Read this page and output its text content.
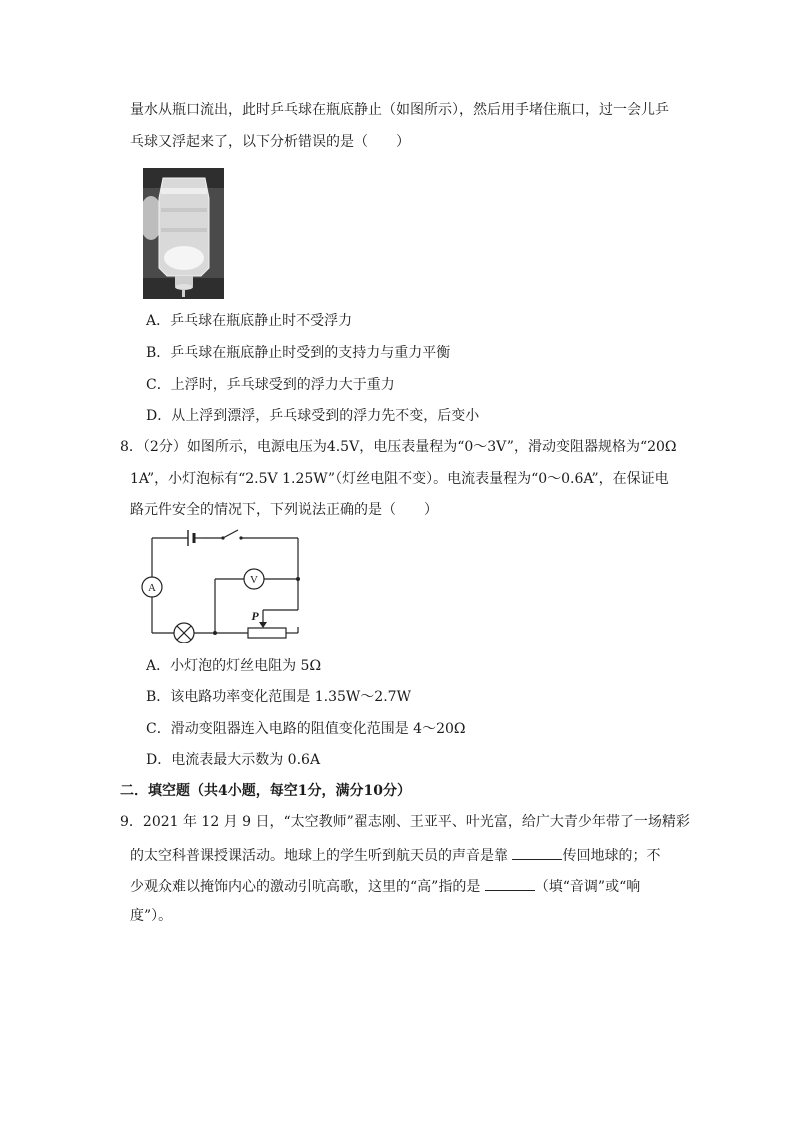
量水从瓶口流出，此时乒乓球在瓶底静止（如图所示），然后用手堵住瓶口，过一会儿乒
乓球又浮起来了，以下分析错误的是（　　）
A．乒乓球在瓶底静止时不受浮力
B．乒乓球在瓶底静止时受到的支持力与重力平衡
C．上浮时，乒乓球受到的浮力大于重力
D．从上浮到漂浮，乒乓球受到的浮力先不变，后变小
8．（2分）如图所示，电源电压为4.5V，电压表量程为“0～3V”，滑动变阻器规格为“20Ω
1A”，小灯泡标有“2.5V 1.25W”（灯丝电阻不变）。电流表量程为“0～0.6A”，在保证电
路元件安全的情况下，下列说法正确的是（　　）
A
V
P
A．小灯泡的灯丝电阻为 5Ω
B．该电路功率变化范围是 1.35W～2.7W
C．滑动变阻器连入电路的阻值变化范围是 4～20Ω
D．电流表最大示数为 0.6A
二．填空题（共4小题，每空1分，满分10分）
9．2021 年 12 月 9 日，“太空教师”翟志刚、王亚平、叶光富，给广大青少年带了一场精彩
的太空科普课授课活动。地球上的学生听到航天员的声音是靠	传回地球的；不
少观众难以掩饰内心的激动引吭高歌，这里的“高”指的是	（填“音调”或“响
度”）。
